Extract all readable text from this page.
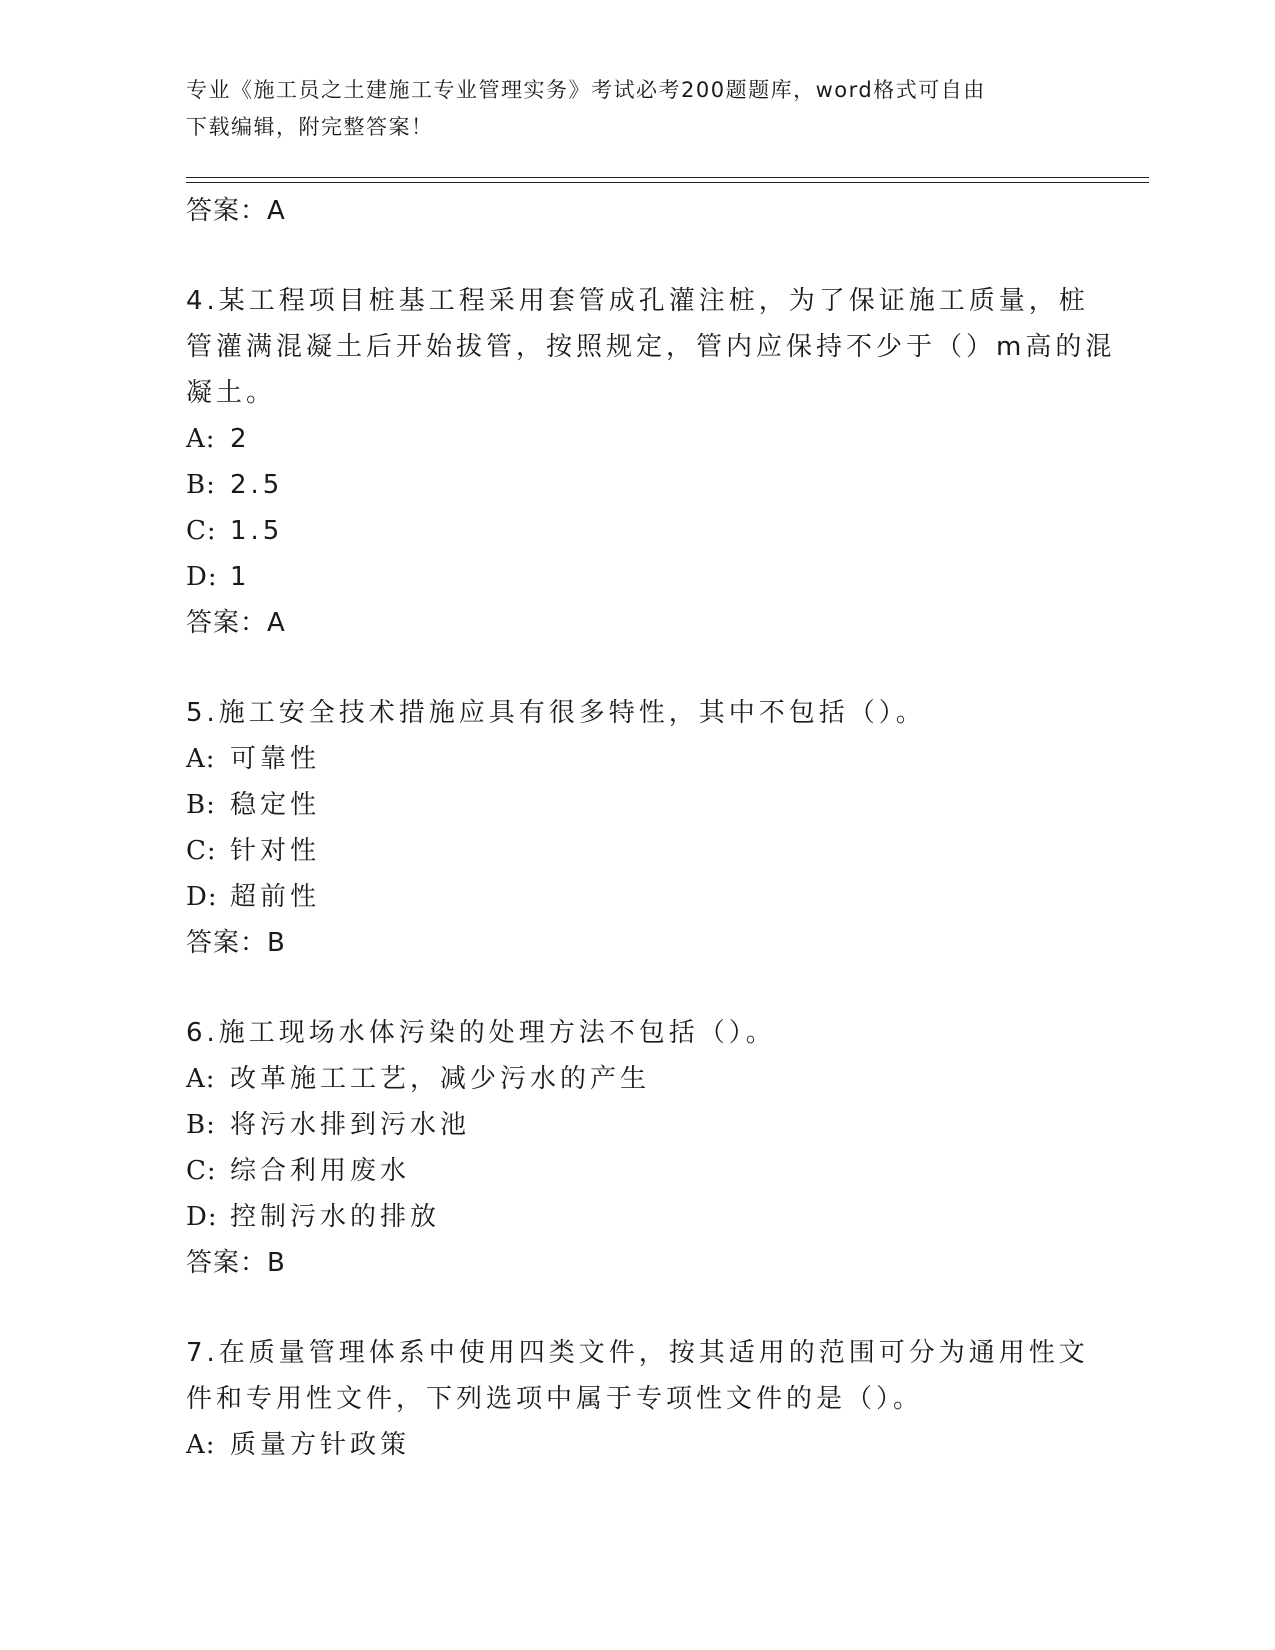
专业《施工员之土建施工专业管理实务》考试必考200题题库，word格式可自由
下载编辑，附完整答案！
答案：A
4.某工程项目桩基工程采用套管成孔灌注桩，为了保证施工质量，桩
管灌满混凝土后开始拔管，按照规定，管内应保持不少于（）m高的混
凝土。
A: 2
B: 2.5
C: 1.5
D: 1
答案：A
5.施工安全技术措施应具有很多特性，其中不包括（）。
A: 可靠性
B: 稳定性
C: 针对性
D: 超前性
答案：B
6.施工现场水体污染的处理方法不包括（）。
A: 改革施工工艺，减少污水的产生
B: 将污水排到污水池
C: 综合利用废水
D: 控制污水的排放
答案：B
7.在质量管理体系中使用四类文件，按其适用的范围可分为通用性文
件和专用性文件，下列选项中属于专项性文件的是（）。
A: 质量方针政策
